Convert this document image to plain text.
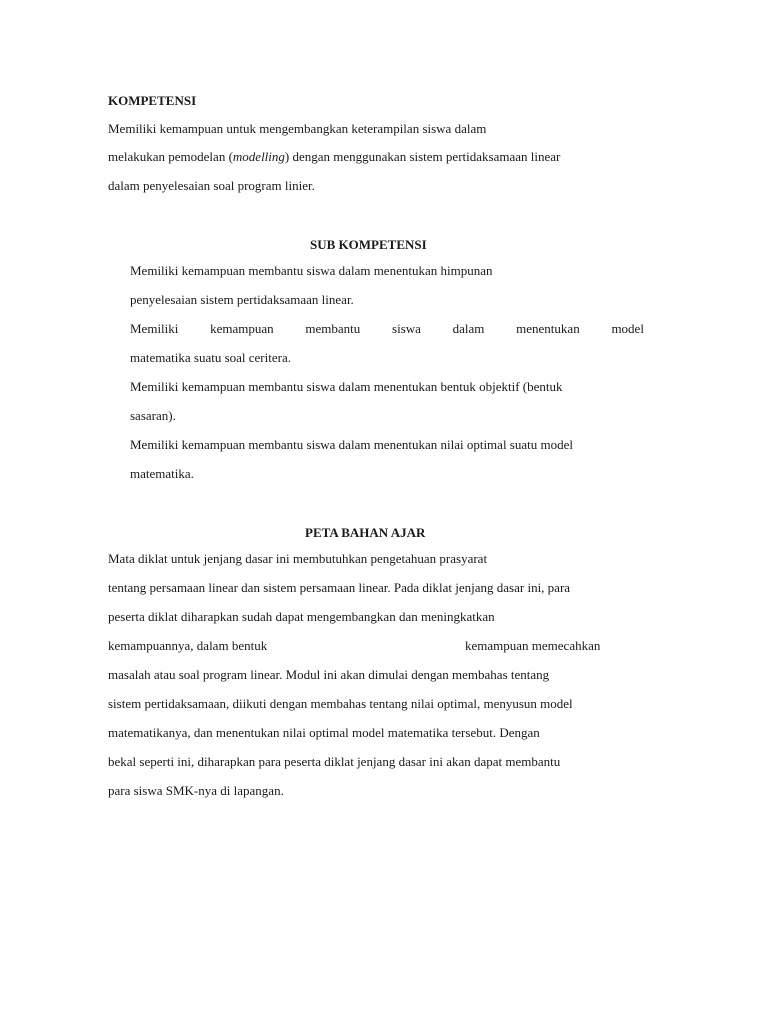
KOMPETENSI
Memiliki kemampuan untuk mengembangkan keterampilan siswa dalam
melakukan pemodelan (modelling) dengan menggunakan sistem pertidaksamaan linear
dalam penyelesaian soal program linier.
SUB KOMPETENSI
Memiliki kemampuan membantu siswa dalam menentukan himpunan
penyelesaian sistem pertidaksamaan linear.
Memiliki kemampuan membantu siswa dalam menentukan model
matematika suatu soal ceritera.
Memiliki kemampuan membantu siswa dalam menentukan bentuk objektif (bentuk
sasaran).
Memiliki kemampuan membantu siswa dalam menentukan nilai optimal suatu model
matematika.
PETA BAHAN AJAR
Mata diklat untuk jenjang dasar ini membutuhkan pengetahuan prasyarat
tentang persamaan linear dan sistem persamaan linear. Pada diklat jenjang dasar ini, para
peserta diklat diharapkan sudah dapat mengembangkan dan meningkatkan
kemampuannya, dalam bentuk	kemampuan memecahkan
masalah atau soal program linear. Modul ini akan dimulai dengan membahas tentang
sistem pertidaksamaan, diikuti dengan membahas tentang nilai optimal, menyusun model
matematikanya, dan menentukan nilai optimal model matematika tersebut. Dengan
bekal seperti ini, diharapkan para peserta diklat jenjang dasar ini akan dapat membantu
para siswa SMK-nya di lapangan.
